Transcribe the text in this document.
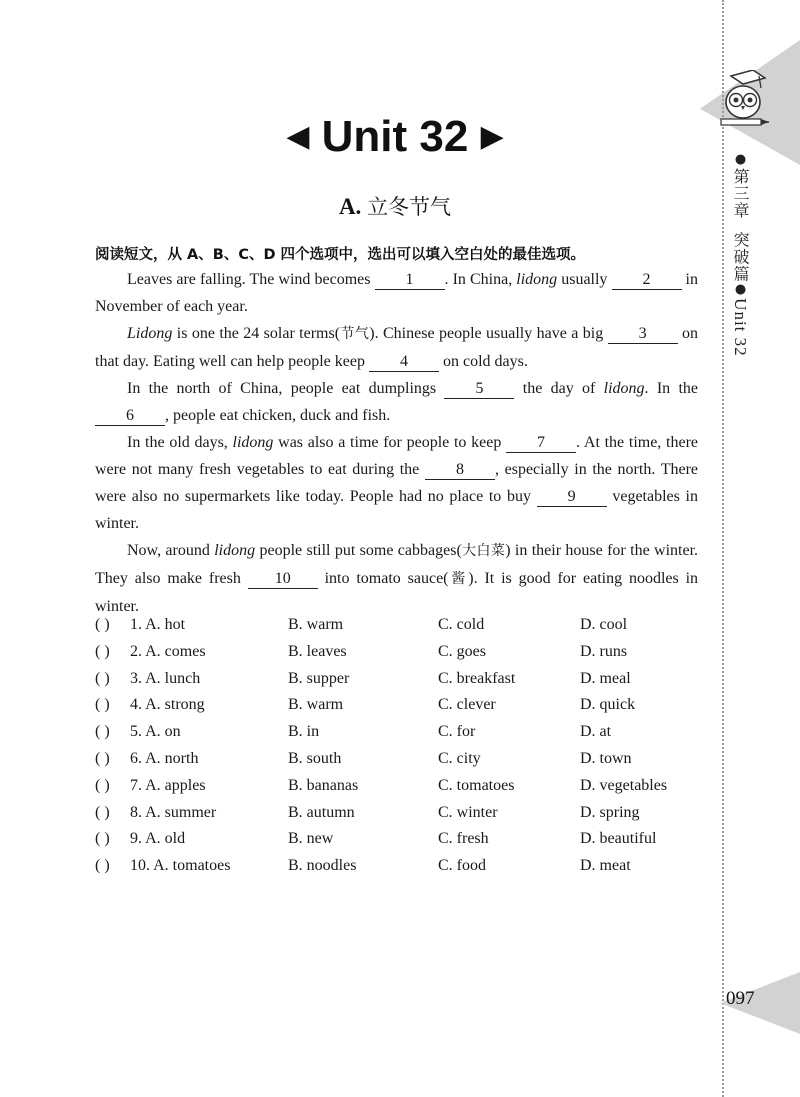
●第三章  突破篇●Unit 32
097
◀ Unit 32 ▶
A. 立冬节气
阅读短文，从 A、B、C、D 四个选项中，选出可以填入空白处的最佳选项。

Leaves are falling. The wind becomes 1 . In China, lidong usually 2 in November of each year.

Lidong is one the 24 solar terms(节气). Chinese people usually have a big 3 on that day. Eating well can help people keep 4 on cold days.

In the north of China, people eat dumplings 5 the day of lidong. In the 6 , people eat chicken, duck and fish.

In the old days, lidong was also a time for people to keep 7 . At the time, there were not many fresh vegetables to eat during the 8 , especially in the north. There were also no supermarkets like today. People had no place to buy 9 vegetables in winter.

Now, around lidong people still put some cabbages(大白菜) in their house for the winter. They also make fresh 10 into tomato sauce(酱). It is good for eating noodles in winter.

( ) 1. A. hot	B. warm	C. cold	D. cool
( ) 2. A. comes	B. leaves	C. goes	D. runs
( ) 3. A. lunch	B. supper	C. breakfast	D. meal
( ) 4. A. strong	B. warm	C. clever	D. quick
( ) 5. A. on	B. in	C. for	D. at
( ) 6. A. north	B. south	C. city	D. town
( ) 7. A. apples	B. bananas	C. tomatoes	D. vegetables
( ) 8. A. summer	B. autumn	C. winter	D. spring
( ) 9. A. old	B. new	C. fresh	D. beautiful
( ) 10. A. tomatoes	B. noodles	C. food	D. meat
